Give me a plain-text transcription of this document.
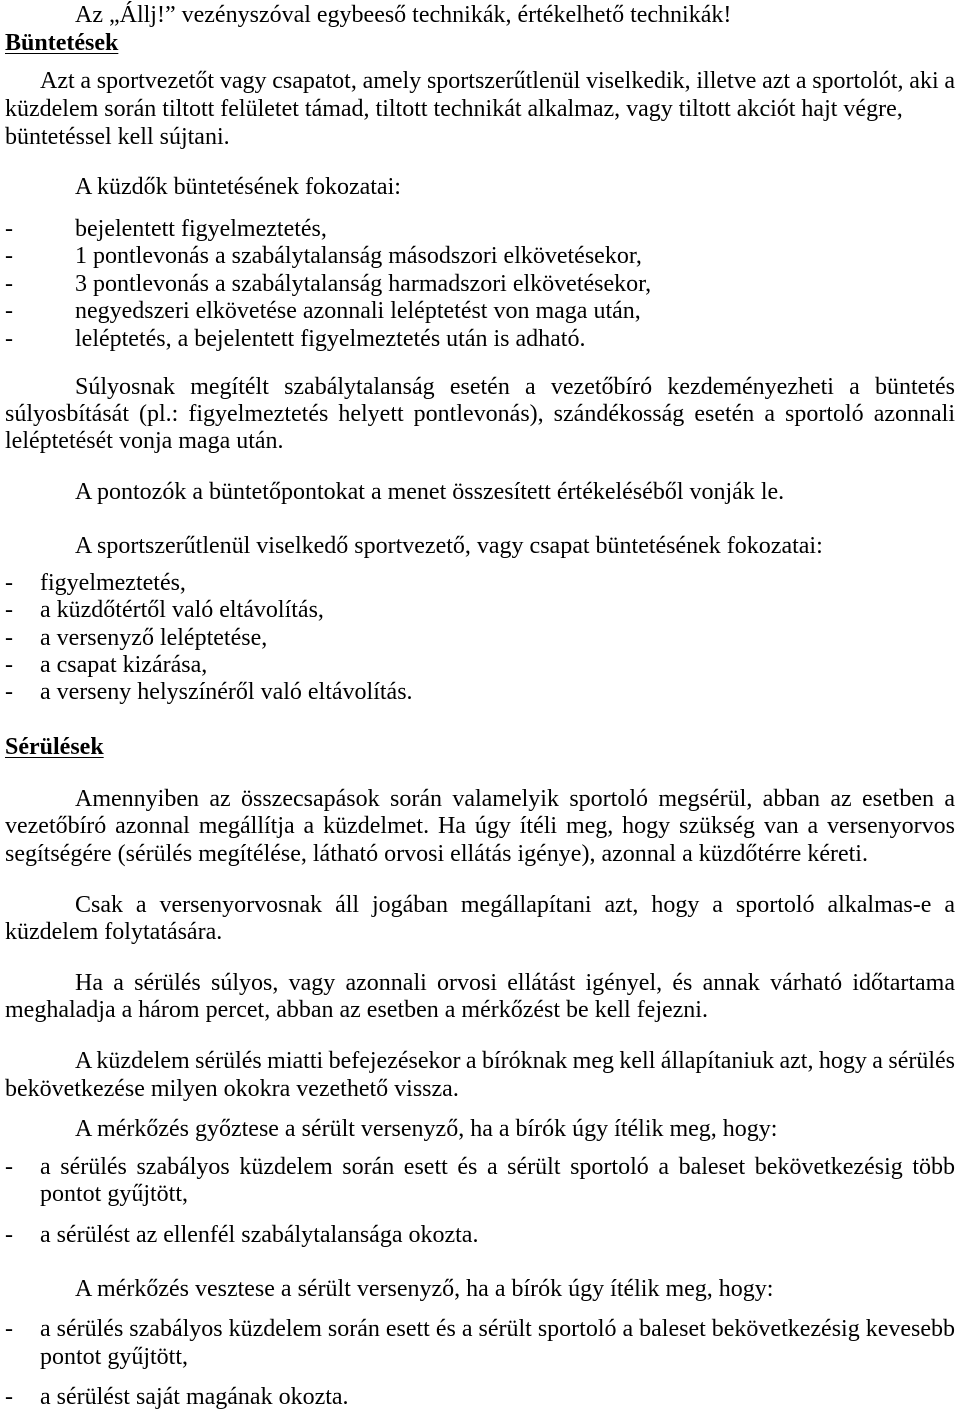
Az „Állj!” vezényszóval egybeeső technikák, értékelhető technikák!
Büntetések
Azt a sportvezetőt vagy csapatot, amely sportszerűtlenül viselkedik, illetve azt a sportolót, aki a
küzdelem során tiltott felületet támad, tiltott technikát alkalmaz, vagy tiltott akciót hajt végre,
büntetéssel kell sújtani.
A küzdők büntetésének fokozatai:
-	bejelentett figyelmeztetés,
-	1 pontlevonás a szabálytalanság másodszori elkövetésekor,
-	3 pontlevonás a szabálytalanság harmadszori elkövetésekor,
-	negyedszeri elkövetése azonnali leléptetést von maga után,
-	leléptetés, a bejelentett figyelmeztetés után is adható.
Súlyosnak megítélt szabálytalanság esetén a vezetőbíró kezdeményezheti a büntetés
súlyosbítását (pl.: figyelmeztetés helyett pontlevonás), szándékosság esetén a sportoló azonnali
leléptetését vonja maga után.
A pontozók a büntetőpontokat a menet összesített értékeléséből vonják le.
A sportszerűtlenül viselkedő sportvezető, vagy csapat büntetésének fokozatai:
- figyelmeztetés,
- a küzdőtértől való eltávolítás,
- a versenyző leléptetése,
- a csapat kizárása,
- a verseny helyszínéről való eltávolítás.
Sérülések
Amennyiben az összecsapások során valamelyik sportoló megsérül, abban az esetben a
vezetőbíró azonnal megállítja a küzdelmet. Ha úgy ítéli meg, hogy szükség van a versenyorvos
segítségére (sérülés megítélése, látható orvosi ellátás igénye), azonnal a küzdőtérre kéreti.
Csak a versenyorvosnak áll jogában megállapítani azt, hogy a sportoló alkalmas-e a
küzdelem folytatására.
Ha a sérülés súlyos, vagy azonnali orvosi ellátást igényel, és annak várható időtartama
meghaladja a három percet, abban az esetben a mérkőzést be kell fejezni.
A küzdelem sérülés miatti befejezésekor a bíróknak meg kell állapítaniuk azt, hogy a sérülés
bekövetkezése milyen okokra vezethető vissza.
A mérkőzés győztese a sérült versenyző, ha a bírók úgy ítélik meg, hogy:
- a sérülés szabályos küzdelem során esett és a sérült sportoló a baleset bekövetkezésig több
pontot gyűjtött,
- a sérülést az ellenfél szabálytalansága okozta.
A mérkőzés vesztese a sérült versenyző, ha a bírók úgy ítélik meg, hogy:
- a sérülés szabályos küzdelem során esett és a sérült sportoló a baleset bekövetkezésig kevesebb
pontot gyűjtött,
- a sérülést saját magának okozta.
